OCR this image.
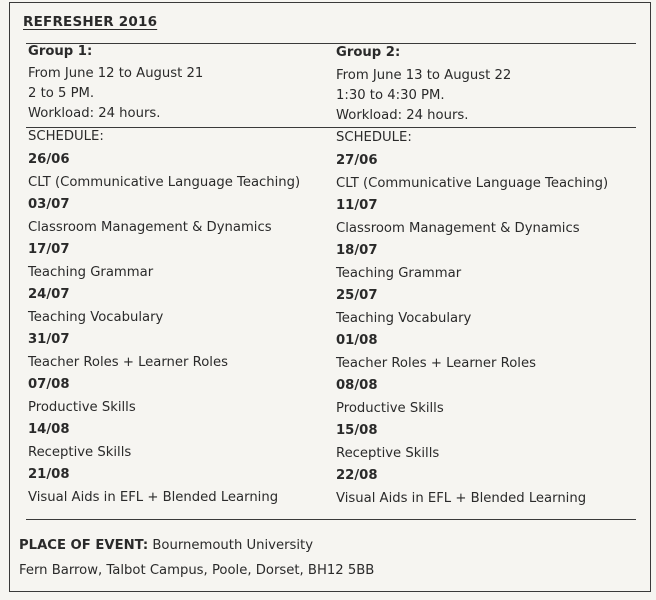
REFRESHER 2016
Group 1:
From June 12 to August 21
2 to 5 PM.
Workload: 24 hours.
SCHEDULE:
26/06
CLT (Communicative Language Teaching)
03/07
Classroom Management & Dynamics
17/07
Teaching Grammar
24/07
Teaching Vocabulary
31/07
Teacher Roles + Learner Roles
07/08
Productive Skills
14/08
Receptive Skills
21/08
Visual Aids in EFL + Blended Learning
Group 2:
From June 13 to August 22
1:30 to 4:30 PM.
Workload: 24 hours.
SCHEDULE:
27/06
CLT (Communicative Language Teaching)
11/07
Classroom Management & Dynamics
18/07
Teaching Grammar
25/07
Teaching Vocabulary
01/08
Teacher Roles + Learner Roles
08/08
Productive Skills
15/08
Receptive Skills
22/08
Visual Aids in EFL + Blended Learning
PLACE OF EVENT: Bournemouth University
Fern Barrow, Talbot Campus, Poole, Dorset, BH12 5BB
